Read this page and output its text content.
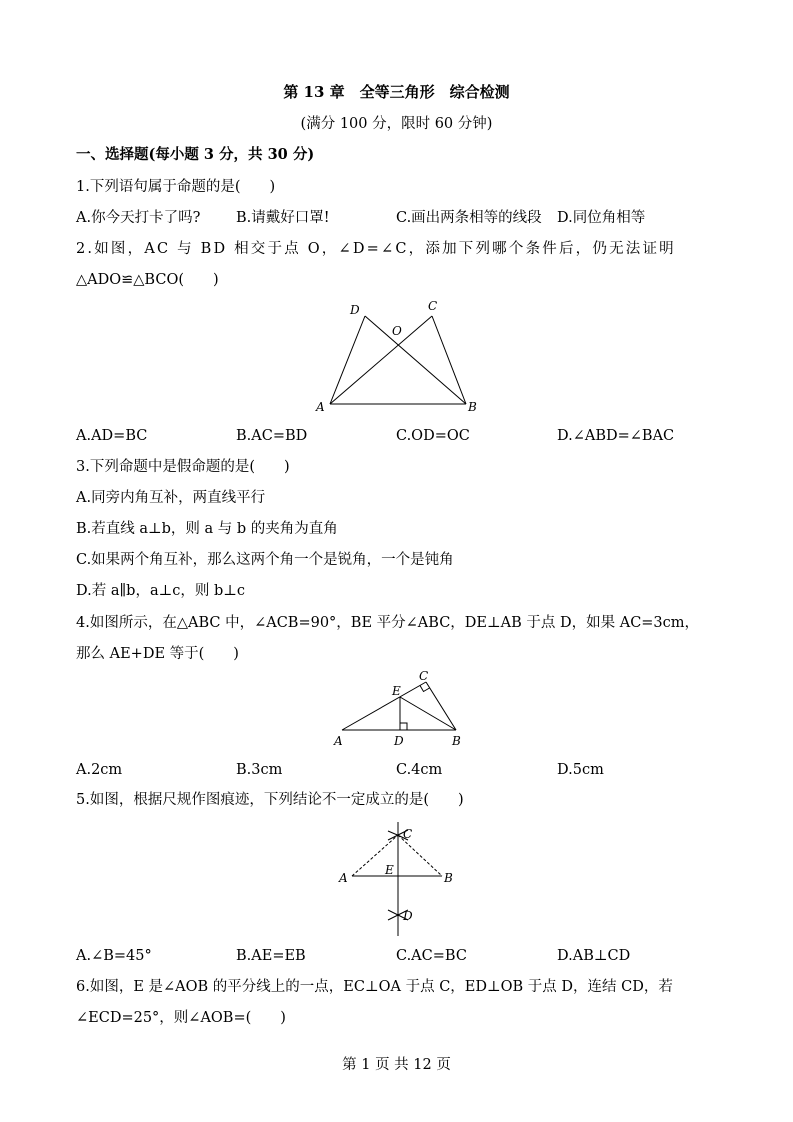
第 13 章　全等三角形　综合检测
(满分 100 分，限时 60 分钟)
一、选择题(每小题 3 分，共 30 分)
1.下列语句属于命题的是(　　)
A.你今天打卡了吗? B.请戴好口罩!	C.画出两条相等的线段 D.同位角相等
2.如图，AC 与 BD 相交于点 O，∠D=∠C，添加下列哪个条件后，仍无法证明
△ADO≌△BCO(　　)
D	C
O
A	B
A.AD=BC	B.AC=BD	C.OD=OC	D.∠ABD=∠BAC
3.下列命题中是假命题的是(　　)
A.同旁内角互补，两直线平行
B.若直线 a⊥b，则 a 与 b 的夹角为直角
C.如果两个角互补，那么这两个角一个是锐角，一个是钝角
D.若 a∥b，a⊥c，则 b⊥c
4.如图所示，在△ABC 中，∠ACB=90°，BE 平分∠ABC，DE⊥AB 于点 D，如果 AC=3cm，
那么 AE+DE 等于(　　)
E
C
A	D	B
A.2cm	B.3cm	C.4cm	D.5cm
5.如图，根据尺规作图痕迹，下列结论不一定成立的是(　　)
C
A
E
B
D
A.∠B=45°	B.AE=EB	C.AC=BC	D.AB⊥CD
6.如图，E 是∠AOB 的平分线上的一点，EC⊥OA 于点 C，ED⊥OB 于点 D，连结 CD，若
∠ECD=25°，则∠AOB=(　　)
第 1 页 共 12 页
